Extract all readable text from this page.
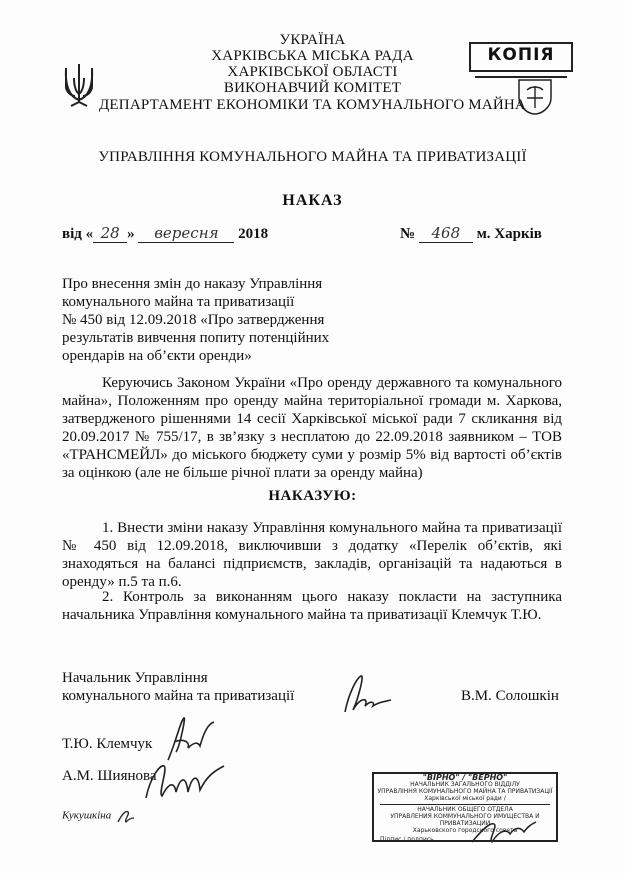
КОПІЯ
УКРАЇНА
ХАРКІВСЬКА МІСЬКА РАДА
ХАРКІВСЬКОЇ ОБЛАСТІ
ВИКОНАВЧИЙ КОМІТЕТ
ДЕПАРТАМЕНТ ЕКОНОМІКИ ТА КОМУНАЛЬНОГО МАЙНА
УПРАВЛІННЯ КОМУНАЛЬНОГО МАЙНА ТА ПРИВАТИЗАЦІЇ
НАКАЗ
від « 28 » вересня 2018	№ 468 м. Харків
Про внесення змін до наказу Управління
комунального майна та приватизації
№ 450 від 12.09.2018 «Про затвердження
результатів вивчення попиту потенційних
орендарів на об’єкти оренди»
Керуючись Законом України «Про оренду державного та комунального майна», Положенням про оренду майна територіальної громади м. Харкова, затвердженого рішеннями 14 сесії Харківської міської ради 7 скликання від 20.09.2017 № 755/17, в зв’язку з несплатою до 22.09.2018 заявником – ТОВ «ТРАНСМЕЙЛ» до міського бюджету суми у розмір 5% від вартості об’єктів за оцінкою (але не більше річної плати за оренду майна)
НАКАЗУЮ:
1. Внести зміни наказу Управління комунального майна та приватизації № 450 від 12.09.2018, виключивши з додатку «Перелік об’єктів, які знаходяться на балансі підприємств, закладів, організацій та надаються в оренду» п.5 та п.6.
2. Контроль за виконанням цього наказу покласти на заступника начальника Управління комунального майна та приватизації Клемчук Т.Ю.
Начальник Управління
комунального майна та приватизації	В.М. Солошкін
Т.Ю. Клемчук
А.М. Шиянова
Кукушкіна
"ВІРНО" / "ВЕРНО"
НАЧАЛЬНИК ЗАГАЛЬНОГО ВІДДІЛУ
УПРАВЛІННЯ КОМУНАЛЬНОГО МАЙНА ТА ПРИВАТИЗАЦІЇ
Харківської міської ради /
НАЧАЛЬНИК ОБЩЕГО ОТДЕЛА
УПРАВЛЕНИЯ КОММУНАЛЬНОГО ИМУЩЕСТВА И ПРИВАТИЗАЦИИ
Харьковского городского совета
Підпис / подпись
